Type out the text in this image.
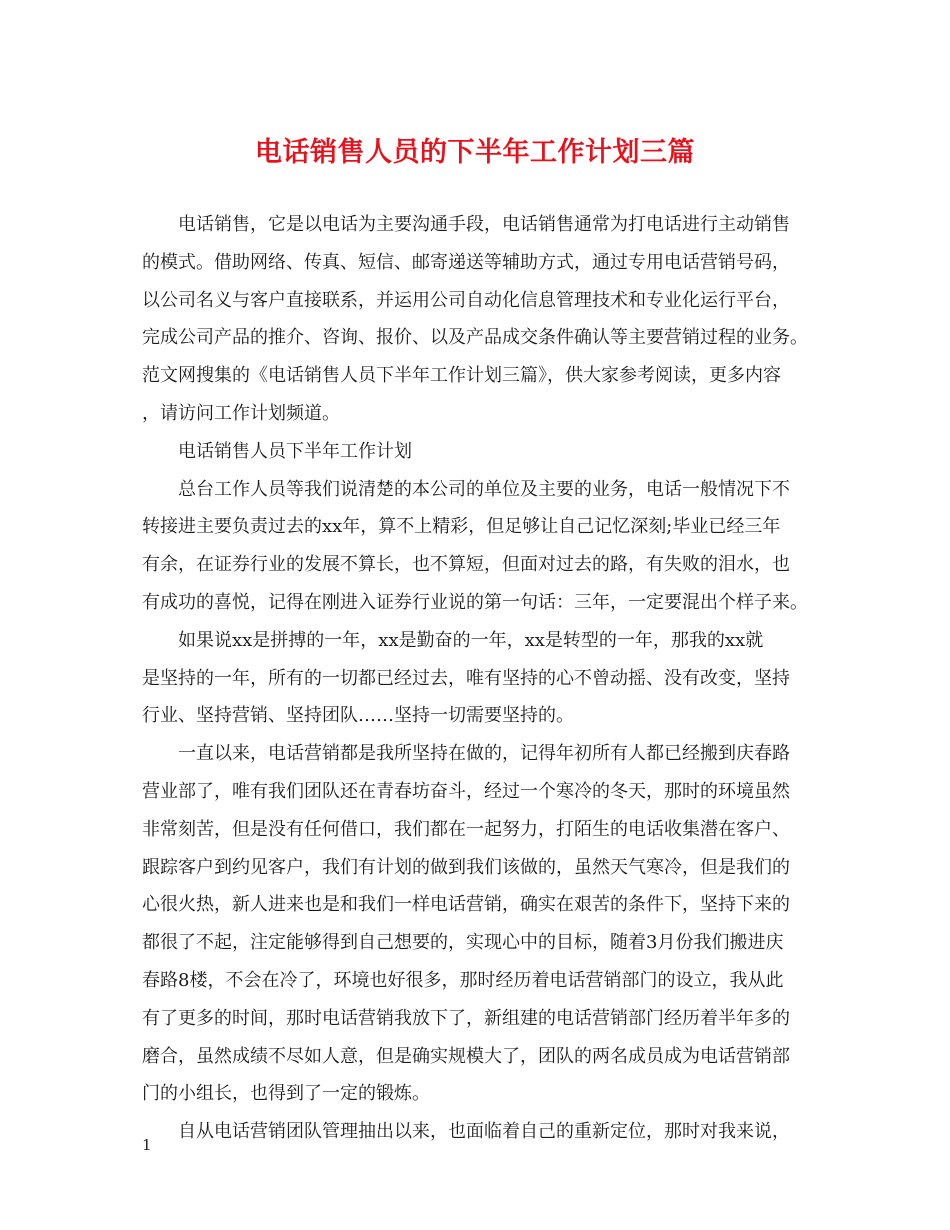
电话销售人员的下半年工作计划三篇

电话销售，它是以电话为主要沟通手段，电话销售通常为打电话进行主动销售
的模式。借助网络、传真、短信、邮寄递送等辅助方式，通过专用电话营销号码，
以公司名义与客户直接联系，并运用公司自动化信息管理技术和专业化运行平台，
完成公司产品的推介、咨询、报价、以及产品成交条件确认等主要营销过程的业务。
范文网搜集的《电话销售人员下半年工作计划三篇》，供大家参考阅读，更多内容
，请访问工作计划频道。

电话销售人员下半年工作计划

总台工作人员等我们说清楚的本公司的单位及主要的业务，电话一般情况下不
转接进主要负责过去的xx年，算不上精彩，但足够让自己记忆深刻;毕业已经三年
有余，在证券行业的发展不算长，也不算短，但面对过去的路，有失败的泪水，也
有成功的喜悦，记得在刚进入证券行业说的第一句话：三年，一定要混出个样子来。

如果说xx是拼搏的一年，xx是勤奋的一年，xx是转型的一年，那我的xx就
是坚持的一年，所有的一切都已经过去，唯有坚持的心不曾动摇、没有改变，坚持
行业、坚持营销、坚持团队……坚持一切需要坚持的。

一直以来，电话营销都是我所坚持在做的，记得年初所有人都已经搬到庆春路
营业部了，唯有我们团队还在青春坊奋斗，经过一个寒冷的冬天，那时的环境虽然
非常刻苦，但是没有任何借口，我们都在一起努力，打陌生的电话收集潜在客户、
跟踪客户到约见客户，我们有计划的做到我们该做的，虽然天气寒冷，但是我们的
心很火热，新人进来也是和我们一样电话营销，确实在艰苦的条件下，坚持下来的
都很了不起，注定能够得到自己想要的，实现心中的目标，随着3月份我们搬进庆
春路8楼，不会在冷了，环境也好很多，那时经历着电话营销部门的设立，我从此
有了更多的时间，那时电话营销我放下了，新组建的电话营销部门经历着半年多的
磨合，虽然成绩不尽如人意，但是确实规模大了，团队的两名成员成为电话营销部
门的小组长，也得到了一定的锻炼。

自从电话营销团队管理抽出以来，也面临着自己的重新定位，那时对我来说，

1
